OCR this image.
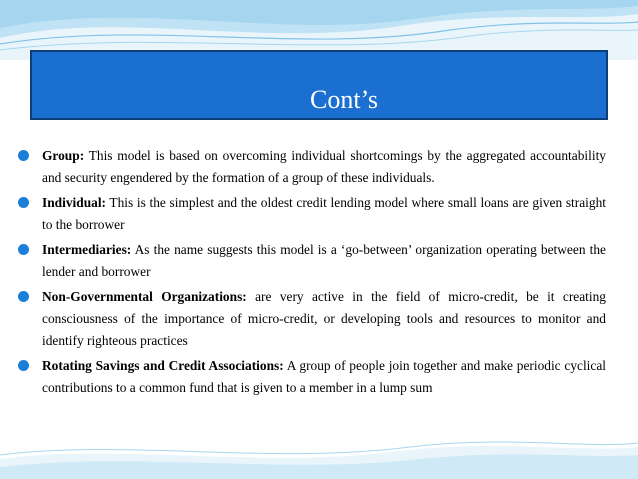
Cont’s
Group: This model is based on overcoming individual shortcomings by the aggregated accountability and security engendered by the formation of a group of these individuals.
Individual: This is the simplest and the oldest credit lending model where small loans are given straight to the borrower
Intermediaries: As the name suggests this model is a ‘go-between’ organization operating between the lender and borrower
Non-Governmental Organizations: are very active in the field of micro-credit, be it creating consciousness of the importance of micro-credit, or developing tools and resources to monitor and identify righteous practices
Rotating Savings and Credit Associations: A group of people join together and make periodic cyclical contributions to a common fund that is given to a member in a lump sum
